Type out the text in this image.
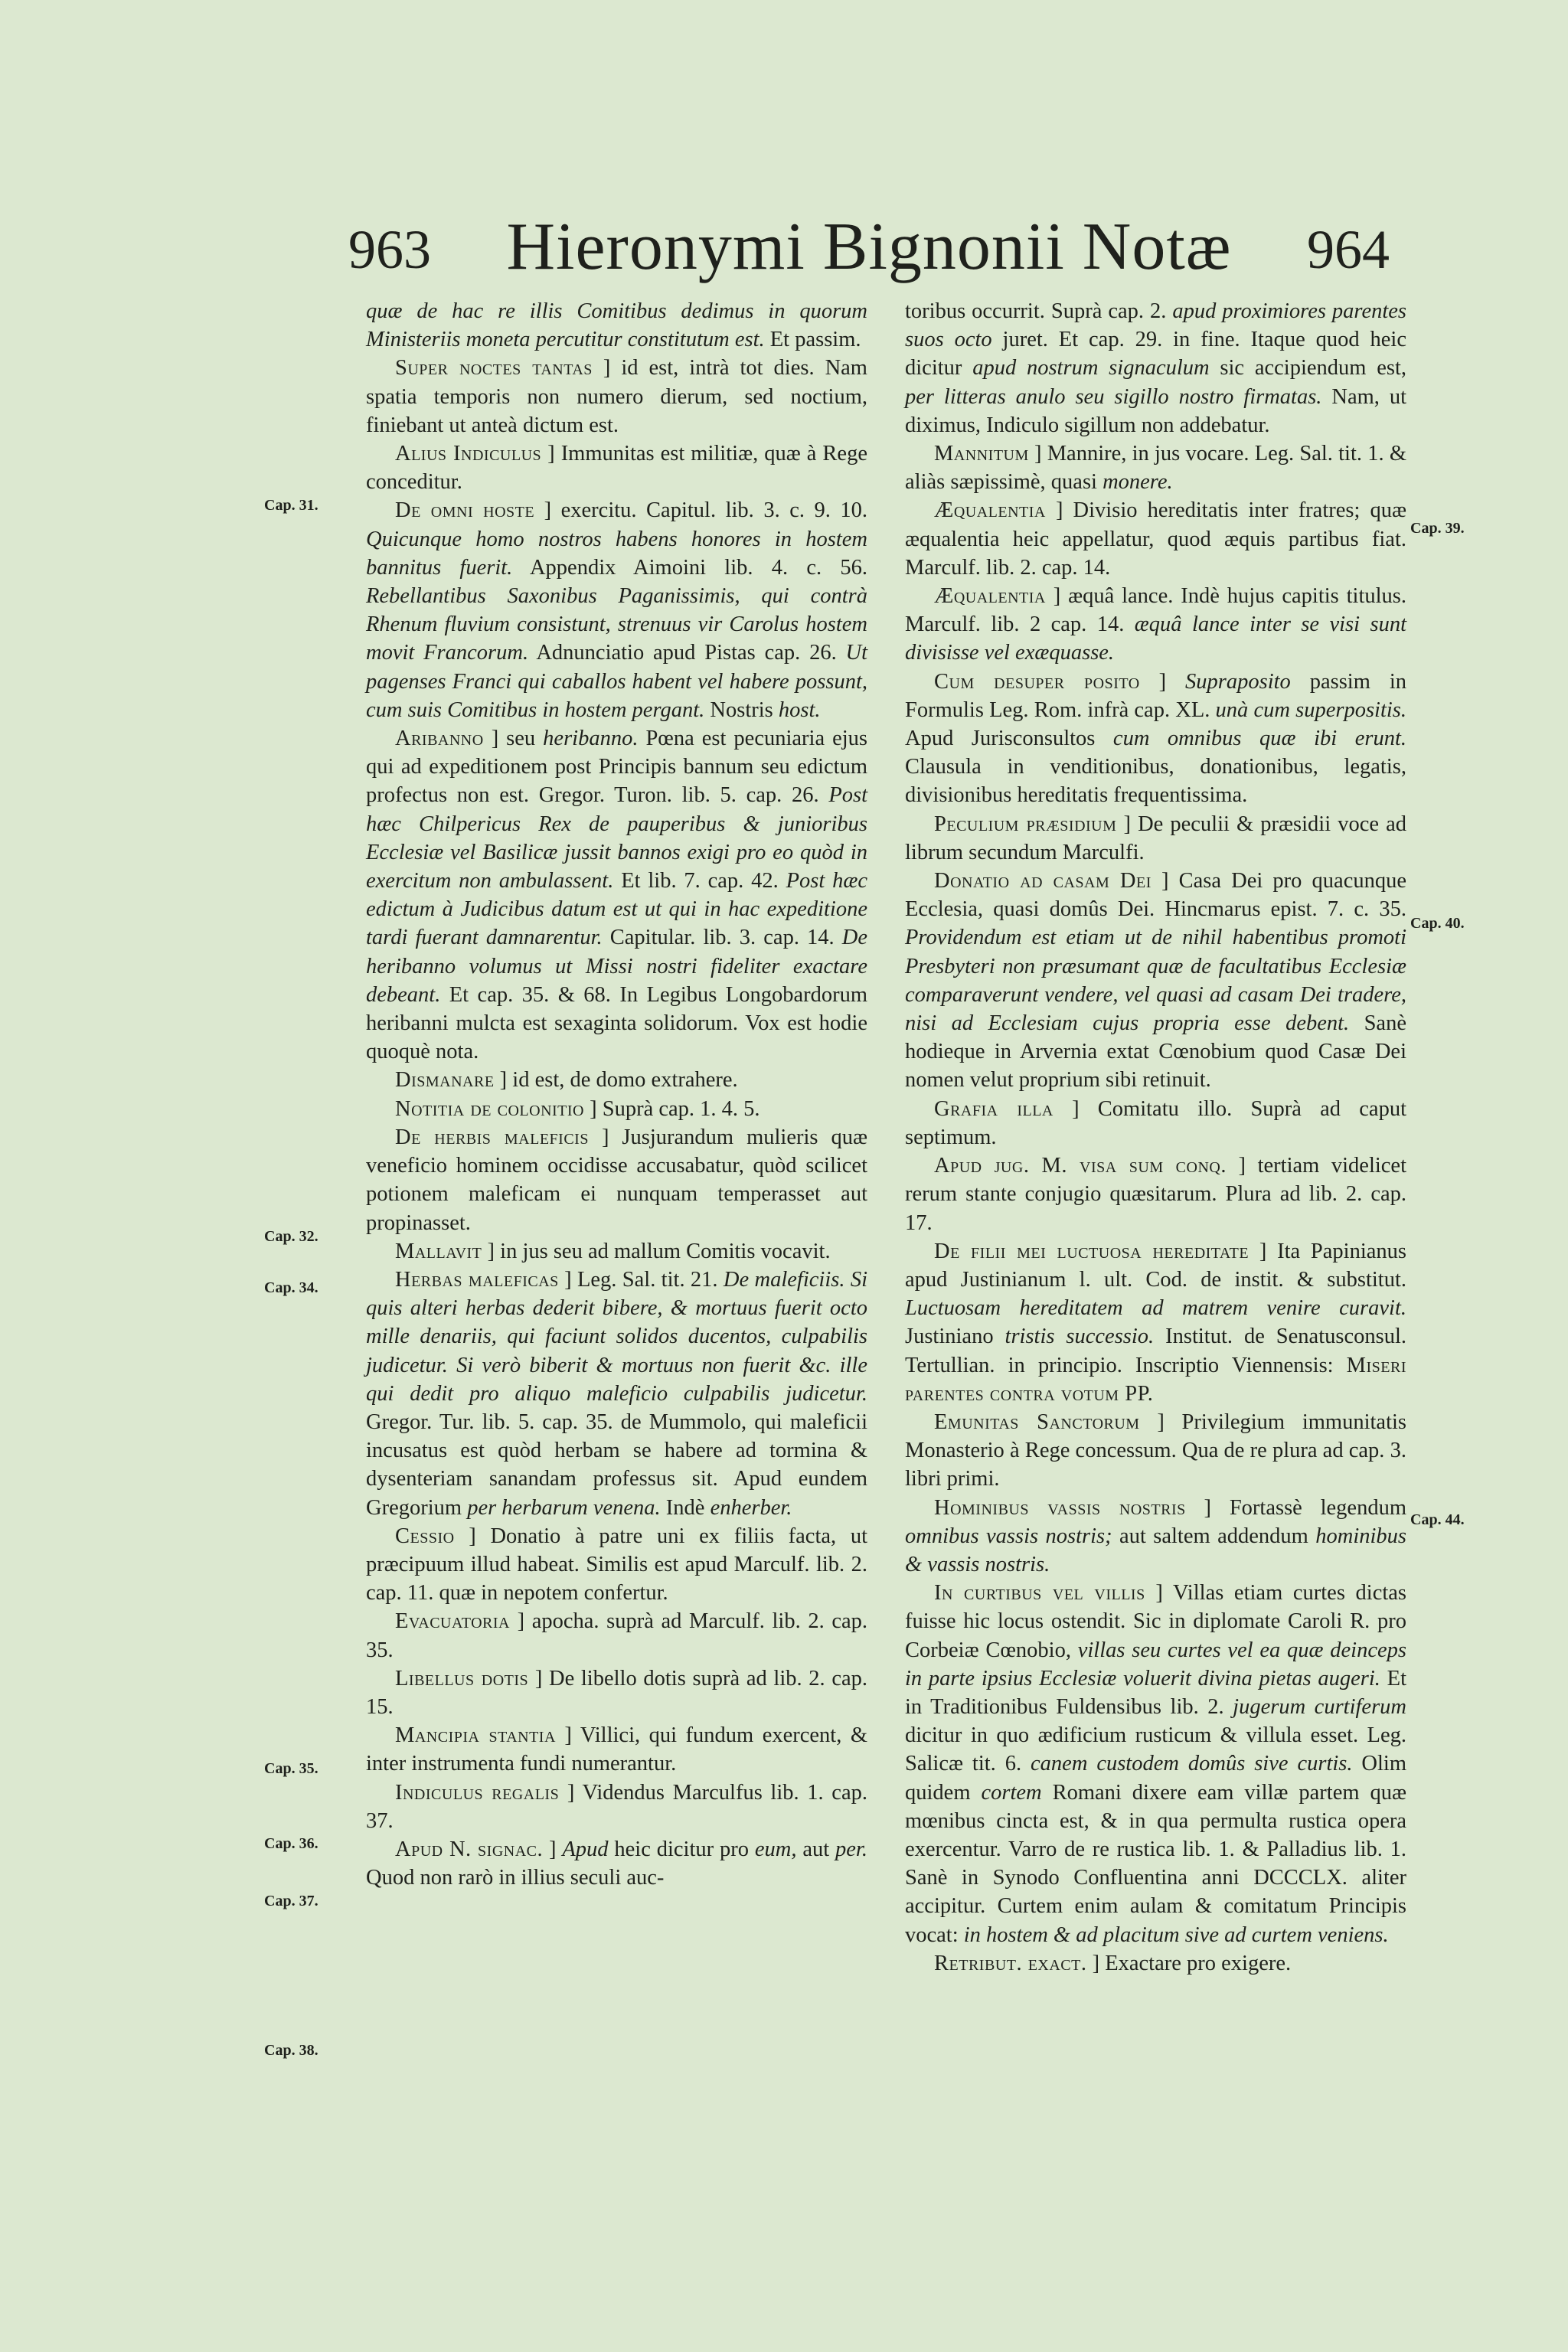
963	Hieronymi Bignonii Notæ	964

quæ de hac re illis Comitibus dedimus in quorum Ministeriis moneta percutitur constitutum est. Et passim.

Super noctes tantas ] id est, intrà tot dies. Nam spatia temporis non numero dierum, sed noctium, finiebant ut anteà dictum est.

Alius Indiculus ] Immunitas est militiæ, quæ à Rege conceditur.

De omni hoste ] exercitu. Capitul. lib. 3. c. 9. 10. Quicunque homo nostros habens honores in hostem bannitus fuerit. Appendix Aimoini lib. 4. c. 56. Rebellantibus Saxonibus Paganissimis, qui contrà Rhenum fluvium consistunt, strenuus vir Carolus hostem movit Francorum. Adnunciatio apud Pistas cap. 26. Ut pagenses Franci qui caballos habent vel habere possunt, cum suis Comitibus in hostem pergant. Nostris host.

Aribanno ] seu heribanno. Pœna est pecuniaria ejus qui ad expeditionem post Principis bannum seu edictum profectus non est. Gregor. Turon. lib. 5. cap. 26. Post hæc Chilpericus Rex de pauperibus & junioribus Ecclesiæ vel Basilicæ jussit bannos exigi pro eo quòd in exercitum non ambulassent. Et lib. 7. cap. 42. Post hæc edictum à Judicibus datum est ut qui in hac expeditione tardi fuerant damnarentur. Capitular. lib. 3. cap. 14. De heribanno volumus ut Missi nostri fideliter exactare debeant. Et cap. 35. & 68. In Legibus Longobardorum heribanni mulcta est sexaginta solidorum. Vox est hodie quoquè nota.

Dismanare ] id est, de domo extrahere.

Notitia de colonitio ] Suprà cap. 1. 4. 5.

De herbis maleficis ] Jusjurandum mulieris quæ veneficio hominem occidisse accusabatur, quòd scilicet potionem maleficam ei nunquam temperasset aut propinasset.

Mallavit ] in jus seu ad mallum Comitis vocavit.

Herbas maleficas ] Leg. Sal. tit. 21. De maleficiis. Si quis alteri herbas dederit bibere, & mortuus fuerit octo mille denariis, qui faciunt solidos ducentos, culpabilis judicetur. Si verò biberit & mortuus non fuerit &c. ille qui dedit pro aliquo maleficio culpabilis judicetur. Gregor. Tur. lib. 5. cap. 35. de Mummolo, qui maleficii incusatus est quòd herbam se habere ad tormina & dysenteriam sanandam professus sit. Apud eundem Gregorium per herbarum venena. Indè enherber.

Cessio ] Donatio à patre uni ex filiis facta, ut præcipuum illud habeat. Similis est apud Marculf. lib. 2. cap. 11. quæ in nepotem confertur.

Evacuatoria ] apocha. suprà ad Marculf. lib. 2. cap. 35.

Libellus dotis ] De libello dotis suprà ad lib. 2. cap. 15.

Mancipia stantia ] Villici, qui fundum exercent, & inter instrumenta fundi numerantur.

Indiculus regalis ] Videndus Marculfus lib. 1. cap. 37.

Apud N. signac. ] Apud heic dicitur pro eum, aut per. Quod non rarò in illius seculi auc-

toribus occurrit. Suprà cap. 2. apud proximiores parentes suos octo juret. Et cap. 29. in fine. Itaque quod heic dicitur apud nostrum signaculum sic accipiendum est, per litteras anulo seu sigillo nostro firmatas. Nam, ut diximus, Indiculo sigillum non addebatur.

Mannitum ] Mannire, in jus vocare. Leg. Sal. tit. 1. & aliàs sæpissimè, quasi monere.

Æqualentia ] Divisio hereditatis inter fratres; quæ æqualentia heic appellatur, quod æquis partibus fiat. Marculf. lib. 2. cap. 14.

Æqualentia ] æquâ lance. Indè hujus capitis titulus. Marculf. lib. 2 cap. 14. æquâ lance inter se visi sunt divisisse vel exæquasse.

Cum desuper posito ] Suprapositо passim in Formulis Leg. Rom. infrà cap. XL. unà cum superpositis. Apud Jurisconsultos cum omnibus quæ ibi erunt. Clausula in venditionibus, donationibus, legatis, divisionibus hereditatis frequentissima.

Peculium præsidium ] De peculii & præsidii voce ad librum secundum Marculfi.

Donatio ad casam Dei ] Casa Dei pro quacunque Ecclesia, quasi domûs Dei. Hincmarus epist. 7. c. 35. Providendum est etiam ut de nihil habentibus promoti Presbyteri non præsumant quæ de facultatibus Ecclesiæ comparaverunt vendere, vel quasi ad casam Dei tradere, nisi ad Ecclesiam cujus propria esse debent. Sanè hodieque in Arvernia extat Cœnobium quod Casæ Dei nomen velut proprium sibi retinuit.

Grafia illa ] Comitatu illo. Suprà ad caput septimum.

Apud jug. M. visa sum conq. ] tertiam videlicet rerum stante conjugio quæsitarum. Plura ad lib. 2. cap. 17.

De filii mei luctuosa hereditate ] Ita Papinianus apud Justinianum l. ult. Cod. de instit. & substitut. Luctuosam hereditatem ad matrem venire curavit. Justiniano tristis successio. Institut. de Senatusconsul. Tertullian. in principio. Inscriptio Viennensis: Miseri parentes contra votum PP.

Emunitas Sanctorum ] Privilegium immunitatis Monasterio à Rege concessum. Qua de re plura ad cap. 3. libri primi.

Hominibus vassis nostris ] Fortassè legendum omnibus vassis nostris; aut saltem addendum hominibus & vassis nostris.

In curtibus vel villis ] Villas etiam curtes dictas fuisse hic locus ostendit. Sic in diplomate Caroli R. pro Corbeiæ Cœnobio, villas seu curtes vel ea quæ deinceps in parte ipsius Ecclesiæ voluerit divina pietas augeri. Et in Traditionibus Fuldensibus lib. 2. jugerum curtiferum dicitur in quo ædificium rusticum & villula esset. Leg. Salicæ tit. 6. canem custodem domûs sive curtis. Olim quidem cortem Romani dixere eam villæ partem quæ mœnibus cincta est, & in qua permulta rustica opera exercentur. Varro de re rustica lib. 1. & Palladius lib. 1. Sanè in Synodo Confluentina anni DCCCLX. aliter accipitur. Curtem enim aulam & comitatum Principis vocat: in hostem & ad placitum sive ad curtem veniens.

Retribut. exact. ] Exactare pro exigere.

Cap. 31.
Cap. 32.
Cap. 34.
Cap. 35.
Cap. 36.
Cap. 37.
Cap. 38.
Cap. 39.
Cap. 40.
Cap. 44.
